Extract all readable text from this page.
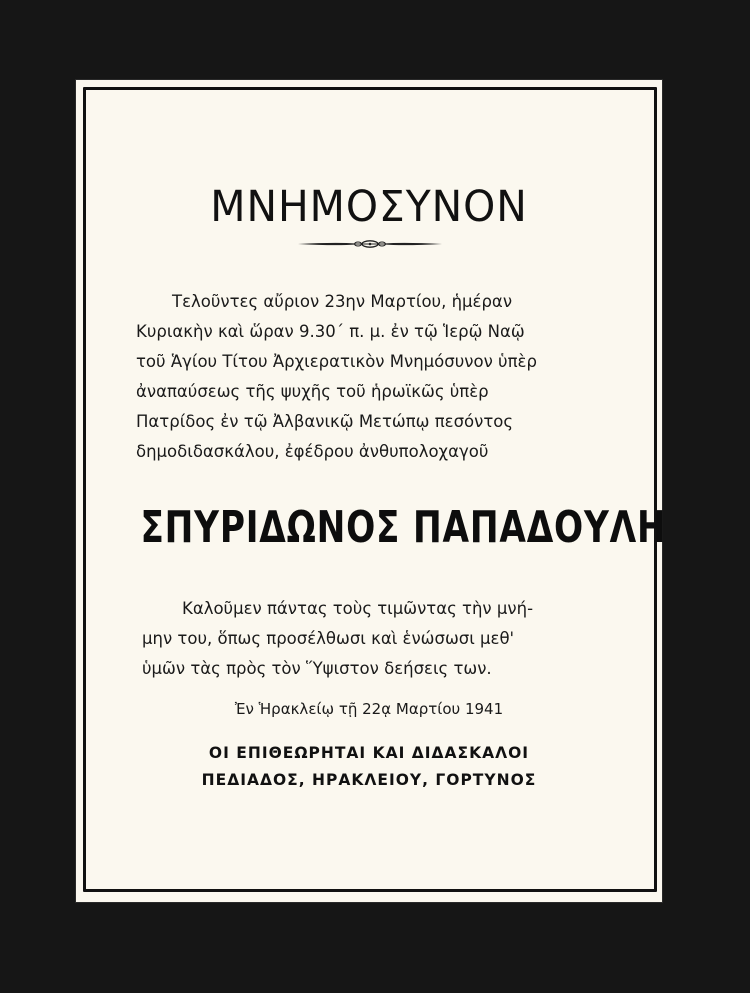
ΜΝΗΜΟΣΥΝΟΝ
Τελοῦντες αὔριον 23ην Μαρτίου, ἡμέραν
Κυριακὴν καὶ ὥραν 9.30΄ π. μ. ἐν τῷ Ἱερῷ Ναῷ
τοῦ Ἁγίου Τίτου Ἀρχιερατικὸν Μνημόσυνον ὑπὲρ
ἀναπαύσεως τῆς ψυχῆς τοῦ ἡρωϊκῶς ὑπὲρ
Πατρίδος ἐν τῷ Ἀλβανικῷ Μετώπῳ πεσόντος
δημοδιδασκάλου, ἐφέδρου ἀνθυπολοχαγοῦ
ΣΠΥΡΙΔΩΝΟΣ ΠΑΠΑΔΟΥΛΗ
Καλοῦμεν πάντας τοὺς τιμῶντας τὴν μνή-
μην του, ὅπως προσέλθωσι καὶ ἑνώσωσι μεθ'
ὑμῶν τὰς πρὸς τὸν Ὕψιστον δεήσεις των.
Ἐν Ἡρακλείῳ τῇ 22ᾳ Μαρτίου 1941
ΟΙ ΕΠΙΘΕΩΡΗΤΑΙ ΚΑΙ ΔΙΔΑΣΚΑΛΟΙ
ΠΕΔΙΑΔΟΣ, ΗΡΑΚΛΕΙΟΥ, ΓΟΡΤΥΝΟΣ
